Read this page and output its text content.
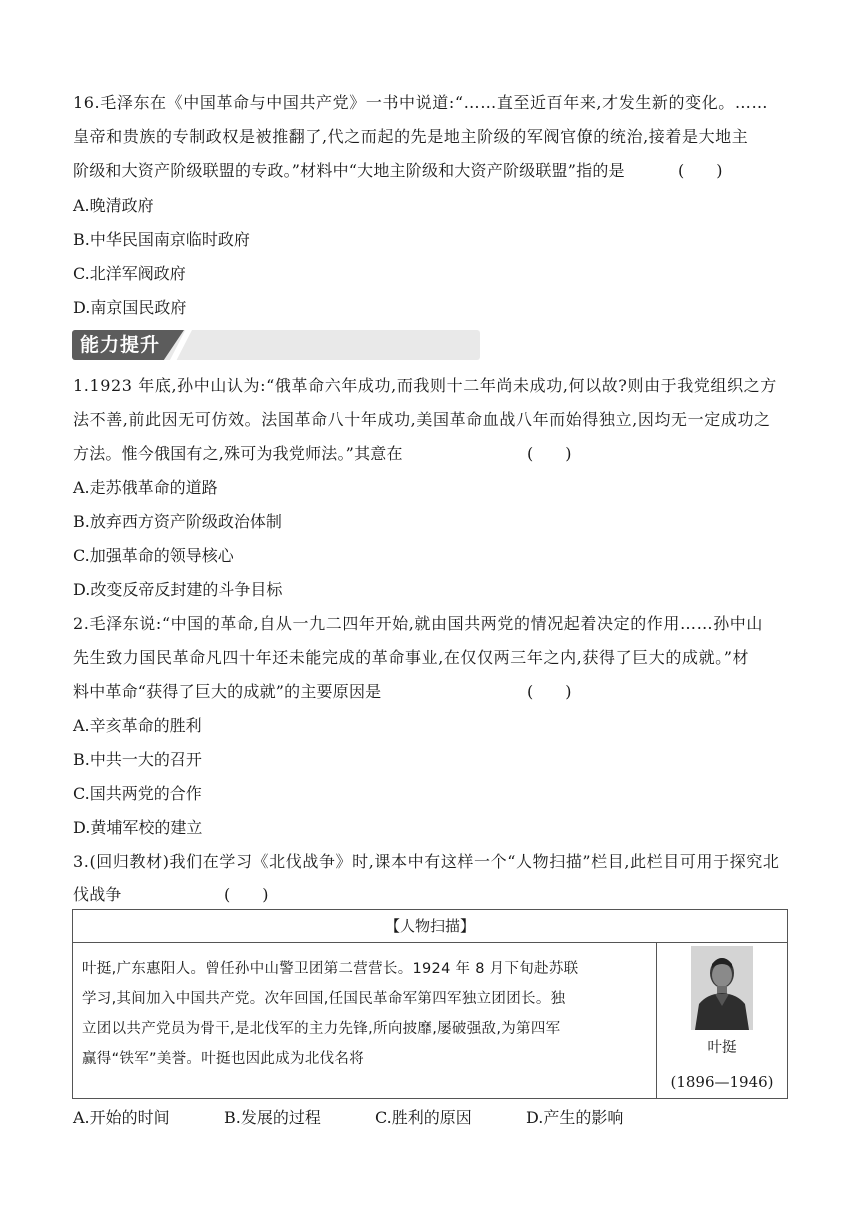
16.毛泽东在《中国革命与中国共产党》一书中说道:“……直至近百年来,才发生新的变化。……
皇帝和贵族的专制政权是被推翻了,代之而起的先是地主阶级的军阀官僚的统治,接着是大地主
阶级和大资产阶级联盟的专政。”材料中“大地主阶级和大资产阶级联盟”指的是	(　　)
A.晚清政府
B.中华民国南京临时政府
C.北洋军阀政府
D.南京国民政府
能力提升
1.1923 年底,孙中山认为:“俄革命六年成功,而我则十二年尚未成功,何以故?则由于我党组织之方
法不善,前此因无可仿效。法国革命八十年成功,美国革命血战八年而始得独立,因均无一定成功之
方法。惟今俄国有之,殊可为我党师法。”其意在	(　　)
A.走苏俄革命的道路
B.放弃西方资产阶级政治体制
C.加强革命的领导核心
D.改变反帝反封建的斗争目标
2.毛泽东说:“中国的革命,自从一九二四年开始,就由国共两党的情况起着决定的作用……孙中山
先生致力国民革命凡四十年还未能完成的革命事业,在仅仅两三年之内,获得了巨大的成就。”材
料中革命“获得了巨大的成就”的主要原因是	(　　)
A.辛亥革命的胜利
B.中共一大的召开
C.国共两党的合作
D.黄埔军校的建立
3.(回归教材)我们在学习《北伐战争》时,课本中有这样一个“人物扫描”栏目,此栏目可用于探究北
伐战争	(　　)
【人物扫描】
叶挺,广东惠阳人。曾任孙中山警卫团第二营营长。1924 年 8 月下旬赴苏联
学习,其间加入中国共产党。次年回国,任国民革命军第四军独立团团长。独
立团以共产党员为骨干,是北伐军的主力先锋,所向披靡,屡破强敌,为第四军
赢得“铁军”美誉。叶挺也因此成为北伐名将
叶挺
(1896—1946)
A.开始的时间	B.发展的过程	C.胜利的原因	D.产生的影响
